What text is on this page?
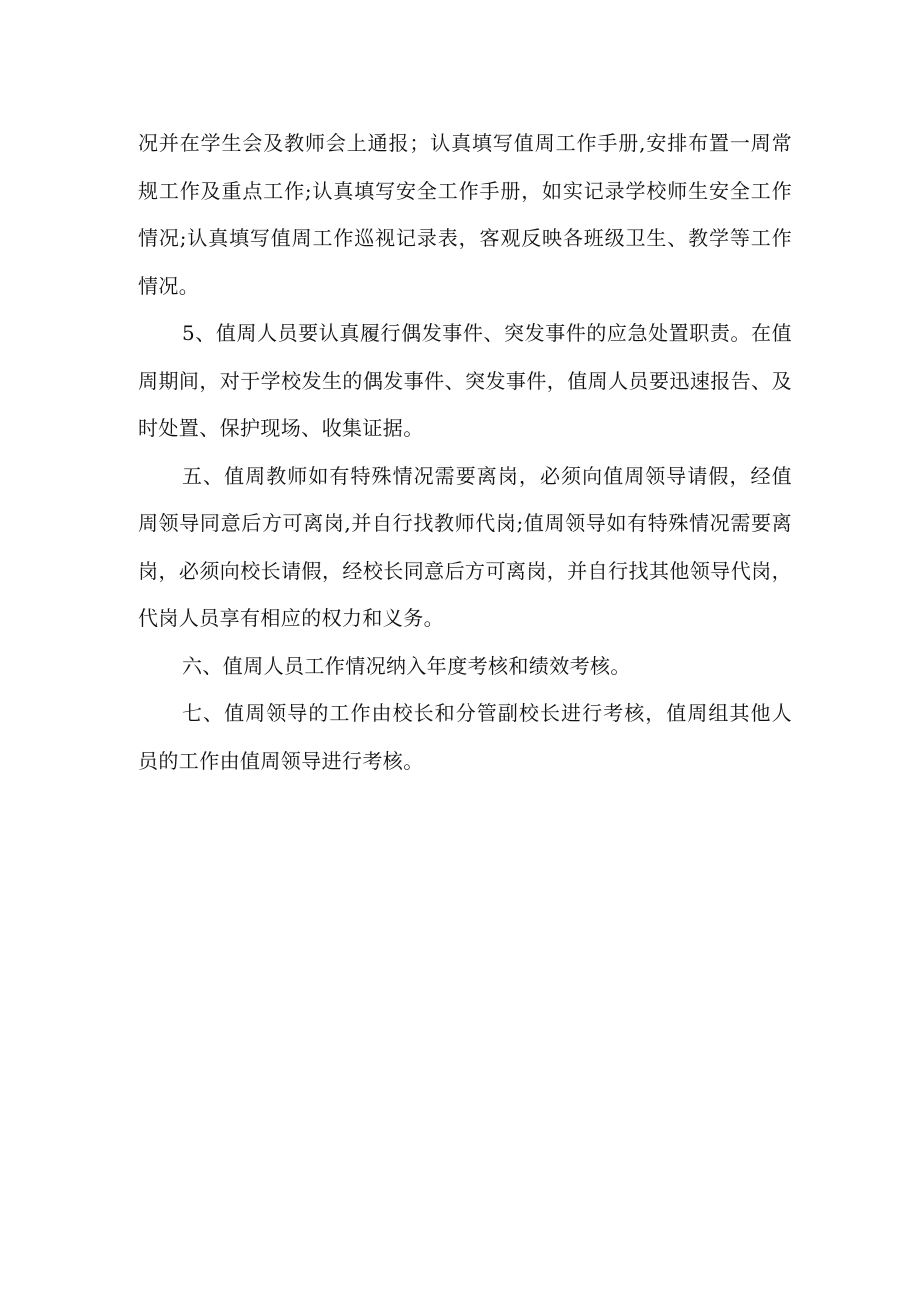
况并在学生会及教师会上通报；认真填写值周工作手册,安排布置一周常规工作及重点工作;认真填写安全工作手册，如实记录学校师生安全工作情况;认真填写值周工作巡视记录表，客观反映各班级卫生、教学等工作情况。

5、值周人员要认真履行偶发事件、突发事件的应急处置职责。在值周期间，对于学校发生的偶发事件、突发事件，值周人员要迅速报告、及时处置、保护现场、收集证据。

五、值周教师如有特殊情况需要离岗，必须向值周领导请假，经值周领导同意后方可离岗,并自行找教师代岗;值周领导如有特殊情况需要离岗，必须向校长请假，经校长同意后方可离岗，并自行找其他领导代岗，代岗人员享有相应的权力和义务。

六、值周人员工作情况纳入年度考核和绩效考核。

七、值周领导的工作由校长和分管副校长进行考核，值周组其他人员的工作由值周领导进行考核。
